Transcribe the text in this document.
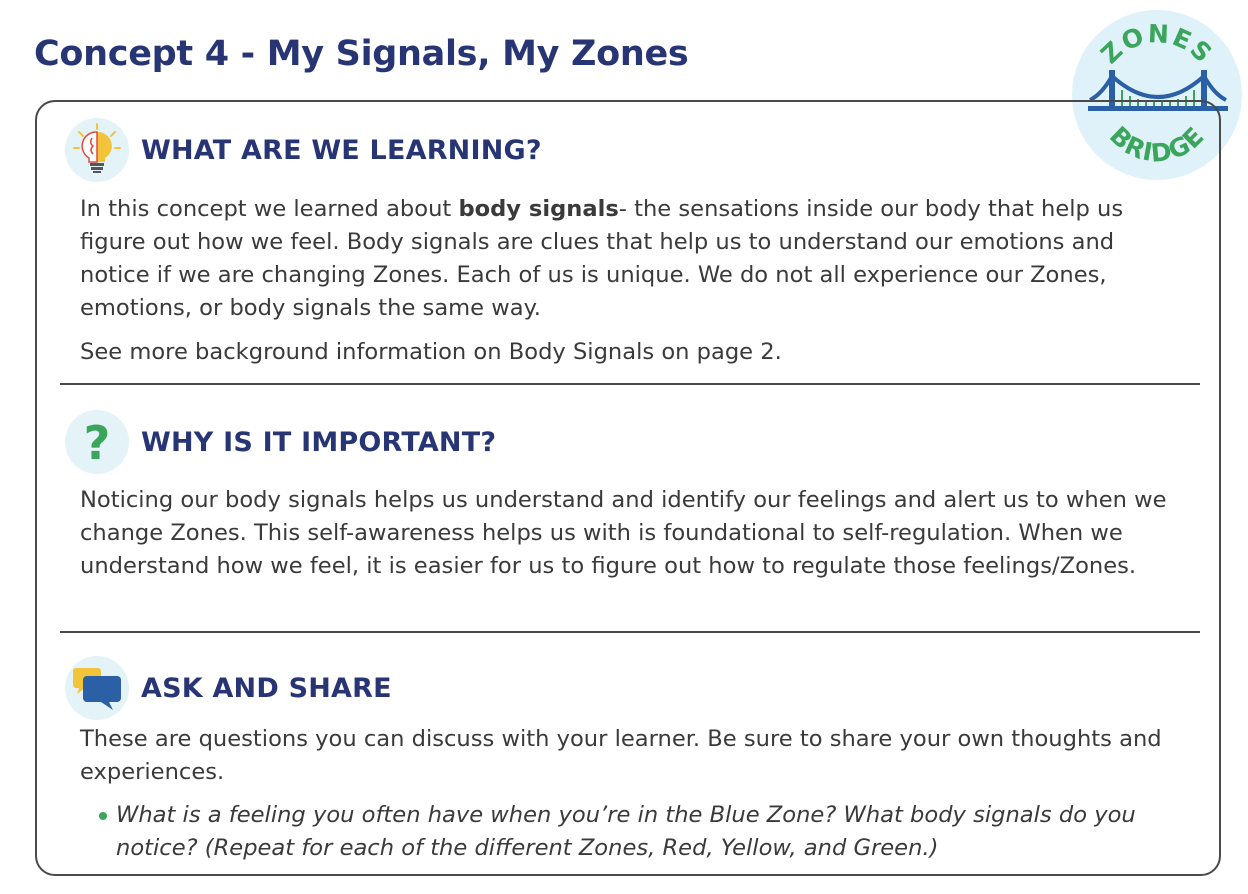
Concept 4 - My Signals, My Zones	ZONES
BRIDGE
WHAT ARE WE LEARNING?

In this concept we learned about body signals- the sensations inside our body that help us figure out how we feel. Body signals are clues that help us to understand our emotions and notice if we are changing Zones. Each of us is unique. We do not all experience our Zones, emotions, or body signals the same way.

See more background information on Body Signals on page 2.

? WHY IS IT IMPORTANT?

Noticing our body signals helps us understand and identify our feelings and alert us to when we change Zones. This self-awareness helps us with is foundational to self-regulation. When we understand how we feel, it is easier for us to figure out how to regulate those feelings/Zones.

ASK AND SHARE

These are questions you can discuss with your learner. Be sure to share your own thoughts and experiences.

What is a feeling you often have when you’re in the Blue Zone? What body signals do you notice? (Repeat for each of the different Zones, Red, Yellow, and Green.)
